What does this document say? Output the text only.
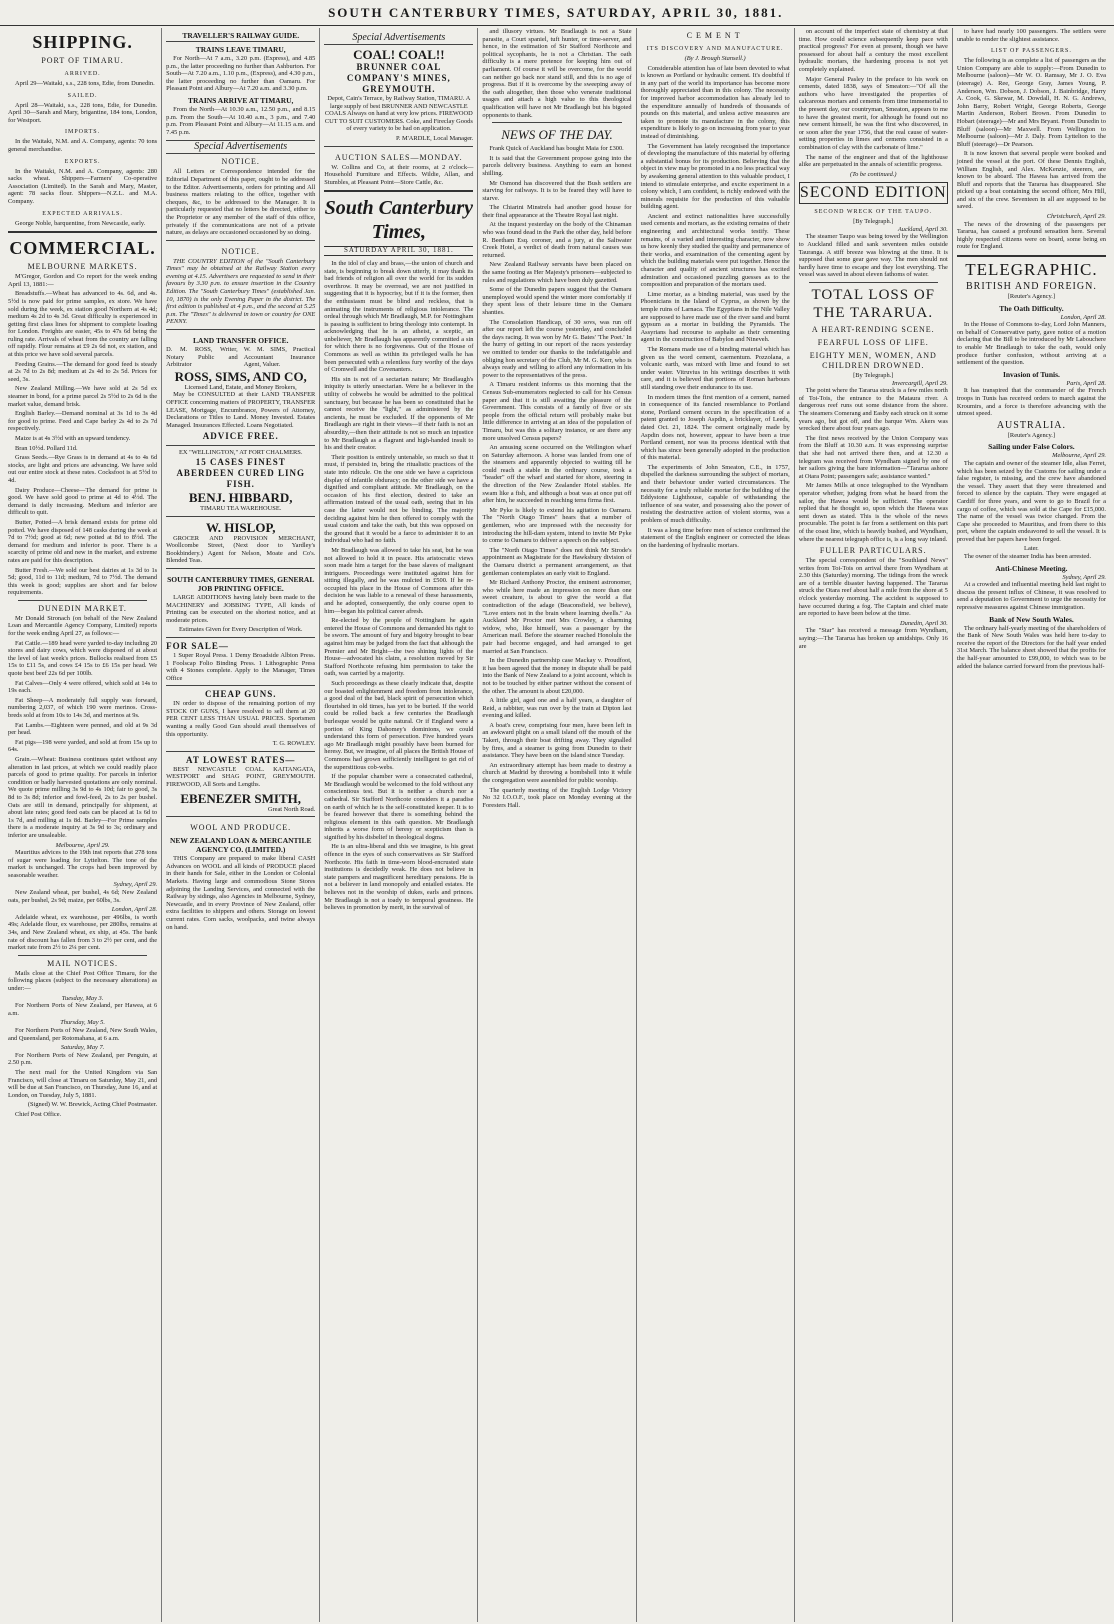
SOUTH CANTERBURY TIMES, SATURDAY, APRIL 30, 1881.
SHIPPING.
PORT OF TIMARU.
ARRIVED.

April 29—Waitaki, s.s., 228 tons, Edie, from Dunedin.

SAILED.

April 28—Waitaki, s.s., 228 tons, Edie, for Dunedin. April 30—Sarah and Mary, brigantine, 184 tons, London, for Westport.

IMPORTS.

In the Waitaki, N.M. and A. Company, agents: 70 tons general merchandise.

EXPORTS.

In the Waitaki, N.M. and A. Company, agents: 280 sacks wheat. Shippers—Farmers' Co-operative Association (Limited). In the Sarah and Mary, Master, agent: 78 sacks flour. Shippers—N.Z.L. and M.A. Company.

EXPECTED ARRIVALS.

George Noble, barquentine, from Newcastle, early.

COMMERCIAL.
MELBOURNE MARKETS.

M'Gregor, Gordon and Co report for the week ending April 13, 1881:—

Breadstuffs.—Wheat has advanced to 4s. 6d, and 4s. 5½d is now paid for prime samples, ex store. We have sold during the week, ex station good Northern at 4s 4d; medium 4s 2d to 4s 3d. Great difficulty is experienced in getting first class lines for shipment to complete loading for London. Freights are easier, 45s to 47s 6d being the ruling rate. Arrivals of wheat from the country are falling off rapidly. Flour remains at £9 2s 6d not, ex station, and at this price we have sold several parcels.

Feeding Grains.—The demand for good feed is steady at 2s 7d to 2s 8d; medium at 2s 4d to 2s 5d. Prices for seed, 3s.

New Zealand Milling.—We have sold at 2s 5d ex steamer in bond, for a prime parcel 2s 5½d to 2s 6d is the market value, demand brisk.

English Barley.—Demand nominal at 3s 1d to 3s 4d for good to prime. Feed and Cape barley 2s 4d to 2s 7d respectively.

Maize is at 4s 3½d with an upward tendency.

Bran 10½d. Pollard 11d.

Grass Seeds.—Rye Grass is in demand at 4s to 4s 6d stocks, are light and prices are advancing. We have sold out our entire stock at these rates. Cocksfoot is at 5½d to 4d.

Dairy Produce—Cheese—The demand for prime is good. We have sold good to prime at 4d to 4½d. The demand is daily increasing. Medium and inferior are difficult to quit.

Butter, Potted—A brisk demand exists for prime old potted. We have disposed of 148 casks during the week at 7d to 7½d; good at 6d; new potted at 8d to 8½d. The demand for medium and inferior is poor. There is a scarcity of prime old and new in the market, and extreme rates are paid for this description.

Butter Fresh.—We sold our best dairies at 1s 3d to 1s 5d; good, 11d to 11d; medium, 7d to 7½d. The demand this week is good; supplies are short and far below requirements.

DUNEDIN MARKET.

Mr Donald Stronach (on behalf of the New Zealand Loan and Mercantile Agency Company, Limited) reports for the week ending April 27, as follows:—

Fat Cattle.—189 head were yarded to-day including 20 stores and dairy cows, which were disposed of at about the level of last week's prices. Bullocks realised from £5 15s to £11 5s, and cows £4 15s to £6 15s per head. We quote best beef 22s 6d per 100lb.

Fat Calves—Only 4 were offered, which sold at 14s to 19s each.

Fat Sheep—A moderately full supply was forward, numbering 2,037, of which 190 were merinos. Cross-breds sold at from 10s to 14s 3d, and merinos at 9s.

Fat Lambs.—Eighteen were penned, and old at 9s 3d per head.

Fat pigs—198 were yarded, and sold at from 15s up to 64s.

Grain.—Wheat: Business continues quiet without any alteration in last prices, at which we could readily place parcels of good to prime quality. For parcels in inferior condition or badly harvested quotations are only nominal. We quote prime milling 3s 9d to 4s 10d; fair to good, 3s 8d to 3s 8d; inferior and fowl-feed, 2s to 2s per bushel. Oats are still in demand, principally for shipment, at about late rates; good feed oats can be placed at 1s 6d to 1s 7d, and milling at 1s 8d. Barley—For Prime samples there is a moderate inquiry at 3s 9d to 3s; ordinary and inferior are unsaleable.

Melbourne, April 29.

Mauritius advices to the 19th inst reports that 278 tons of sugar were loading for Lyttelton. The tone of the market is unchanged. The crops had been improved by seasonable weather.

Sydney, April 29.

New Zealand wheat, per bushel, 4s 6d; New Zealand oats, per bushel, 2s 9d; maize, per 60lbs, 3s.

London, April 28.

Adelaide wheat, ex warehouse, per 496lbs, is worth 49s; Adelaide flour, ex warehouse, per 280lbs, remains at 34s, and New Zealand wheat, ex ship, at 45s. The bank rate of discount has fallen from 3 to 2½ per cent, and the market rate from 2½ to 2¼ per cent.

MAIL NOTICES.

Mails close at the Chief Post Office Timaru, for the following places (subject to the necessary alterations) as under:—

Tuesday, May 3.

For Northern Ports of New Zealand, per Hawea, at 6 a.m.

Thursday, May 5.

For Northern Ports of New Zealand, New South Wales, and Queensland, per Rotomahana, at 6 a.m.

Saturday, May 7.

For Northern Ports of New Zealand, per Penguin, at 2.50 p.m.

The next mail for the United Kingdom via San Francisco, will close at Timaru on Saturday, May 21, and will be due at San Francisco, on Thursday, June 16, and at London, on Tuesday, July 5, 1881.

(Signed) W. W. Brewick, Acting Chief Postmaster.

Chief Post Office.

TRAVELLER'S RAILWAY GUIDE.
TRAINS LEAVE TIMARU,

For North—At 7 a.m., 3.20 p.m. (Express), and 4.85 p.m., the latter proceeding no further than Ashburton. For South—At 7.20 a.m., 1.10 p.m., (Express), and 4.30 p.m., the latter proceeding no further than Oamaru. For Pleasant Point and Albury—At 7.20 a.m. and 3.30 p.m.

TRAINS ARRIVE AT TIMARU,

From the North—At 10.30 a.m., 12.50 p.m., and 8.15 p.m. From the South—At 10.40 a.m., 3 p.m., and 7.40 p.m. From Pleasant Point and Albury—At 11.15 a.m. and 7.45 p.m.

Special Advertisements
NOTICE.

All Letters or Correspondence intended for the Editorial Department of this paper, ought to be addressed to the Editor. Advertisements, orders for printing and All business matters relating to the office, together with cheques, &c, to be addressed to the Manager. It is particularly requested that no letters be directed, either to the Proprietor or any member of the staff of this office, privately if the communications are not of a private nature, as delays are occasioned occasioned by so doing.

NOTICE.

THE COUNTRY EDITION of the "South Canterbury Times" may be obtained at the Railway Station every evening at 4.15. Advertisers are requested to send in their favours by 3.30 p.m. to ensure insertion in the Country Edition. The "South Canterbury Times" (established Jan. 10, 1870) is the only Evening Paper in the district. The first edition is published at 4 p.m., and the second at 5.25 p.m. The "Times" is delivered in town or country for ONE PENNY.

LAND TRANSFER OFFICE.
D. M. ROSS, Writer, Notary Public and Arbitrator
W. M. SIMS, Practical Accountant Insurance Agent, Valuer.
ROSS, SIMS, AND CO,
Licensed Land, Estate, and Money Brokers,

May be CONSULTED at their LAND TRANSFER OFFICE concerning matters of PROPERTY, TRANSFER LEASE, Mortgage, Encumbrance, Powers of Attorney, Declarations or Titles to Land. Money Invested. Estates Managed. Insurances Effected. Loans Negotiated.

ADVICE FREE.
EX "WELLINGTON," AT FORT CHALMERS.
15 CASES FINEST ABERDEEN CURED LING FISH.
BENJ. HIBBARD,
TIMARU TEA WAREHOUSE.
W. HISLOP,

GROCER AND PROVISION MERCHANT, Woollcombe Street, (Next door to Yardley's Bookbindery.) Agent for Nelson, Moate and Co's. Blended Teas.

SOUTH CANTERBURY TIMES, GENERAL JOB PRINTING OFFICE.

LARGE ADDITIONS having lately been made to the MACHINERY and JOBBING TYPE, All kinds of Printing can be executed on the shortest notice, and at moderate prices.

Estimates Given for Every Description of Work.
FOR SALE—

1 Super Royal Press. 1 Demy Broadside Albion Press. 1 Foolscap Folio Binding Press. 1 Lithographic Press with 4 Stones complete. Apply to the Manager, Times Office

CHEAP GUNS.

IN order to dispose of the remaining portion of my STOCK OF GUNS, I have resolved to sell them at 20 PER CENT LESS THAN USUAL PRICES. Sportsmen wanting a really Good Gun should avail themselves of this opportunity.

T. G. ROWLEY.
AT LOWEST RATES—

BEST NEWCASTLE COAL. KAITANGATA, WESTPORT and SHAG POINT, GREYMOUTH. FIREWOOD, All Sorts and Lengths.

EBENEZER SMITH,
Great North Road.
WOOL AND PRODUCE.
NEW ZEALAND LOAN & MERCANTILE AGENCY CO. (LIMITED.)

THIS Company are prepared to make liberal CASH Advances on WOOL and all kinds of PRODUCE placed in their hands for Sale, either in the London or Colonial Markets. Having large and commodious Stone Stores adjoining the Landing Services, and connected with the Railway by sidings, also Agencies in Melbourne, Sydney, Newcastle, and in every Province of New Zealand, offer extra facilities to shippers and others. Storage on lowest current rates. Corn sacks, woolpacks, and twine always on hand.

Special Advertisements
COAL! COAL!!
BRUNNER COAL COMPANY'S MINES, GREYMOUTH.

Depot, Cain's Terrace, by Railway Station, TIMARU. A large supply of best BRUNNER AND NEWCASTLE COALS Always on hand at very low prices. FIREWOOD CUT TO SUIT CUSTOMERS. Coke, and Fireclay Goods of every variety to be had on application.

P. M'ARDLE, Local Manager.
AUCTION SALES—MONDAY.

W. Collins and Co, at their rooms, at 2 o'clock—Household Furniture and Effects. Wildie, Allan, and Stumbles, at Pleasant Point—Store Cattle, &c.

South Canterbury Times,
SATURDAY APRIL 30, 1881.

In the idol of clay and brass,—the union of church and state, is beginning to break down utterly, it may thank its bad friends of religion all over the world for its sudden overthrow. It may be overread, we are not justified in suggesting that it is hypocrisy, but if it is the former, then the enthusiasm must be blind and reckless, that is animating the instruments of religious intolerance. The ordeal through which Mr Bradlaugh, M.P. for Nottingham is passing is sufficient to bring theology into contempt. In acknowledging that he is an atheist, a sceptic, an unbeliever, Mr Bradlaugh has apparently committed a sin for which there is no forgiveness. Out of the House of Commons as well as within its privileged walls he has been persecuted with a relentless fury worthy of the days of Cromwell and the Covenanters.

His sin is not of a sectarian nature; Mr Bradlaugh's iniquity is utterly unsectarian. Were he a believer in the utility of cobwebs he would be admitted to the political sanctuary, but because he has been so constituted that he cannot receive the "light," as administered by the ancients, he must be excluded. If the opponents of Mr Bradlaugh are right in their views—if their faith is not an absurdity,—then their attitude is not so much an injustice to Mr Bradlaugh as a flagrant and high-handed insult to his and their creator.

Their position is entirely untenable, so much so that it must, if persisted in, bring the ritualistic practices of the state into ridicule. On the one side we have a capricious display of infantile obduracy; on the other side we have a dignified and compliant attitude. Mr Bradlaugh, on the occasion of his first election, desired to take an affirmation instead of the usual oath, seeing that in his case the latter would not be binding. The majority deciding against him he then offered to comply with the usual custom and take the oath, but this was opposed on the ground that it would be a farce to administer it to an individual who had no faith.

Mr Bradlaugh was allowed to take his seat, but he was not allowed to hold it in peace. His aristocratic views soon made him a target for the base slaves of malignant intriguers. Proceedings were instituted against him for sitting illegally, and he was mulcted in £500. If he re-occupied his place in the House of Commons after this decision he was liable to a renewal of these harassments, and he adopted, consequently, the only course open to him—began his political career afresh.

Re-elected by the people of Nottingham he again entered the House of Commons and demanded his right to be sworn. The amount of fury and bigotry brought to bear against him may be judged from the fact that although the Premier and Mr Bright—the two shining lights of the House—advocated his claim, a resolution moved by Sir Stafford Northcote refusing him permission to take the oath, was carried by a majority.

Such proceedings as these clearly indicate that, despite our boasted enlightenment and freedom from intolerance, a good deal of the bad, black spirit of persecution which flourished in old times, has yet to be buried. If the world could be rolled back a few centuries the Bradlaugh burlesque would be quite natural. Or if England were a portion of King Dahomey's dominions, we could understand this form of persecution. Five hundred years ago Mr Bradlaugh might possibly have been burned for heresy. But, we imagine, of all places the British House of Commons had grown sufficiently intelligent to get rid of the superstitious cob-webs.

If the popular chamber were a consecrated cathedral, Mr Bradlaugh would be welcomed to the fold without any conscientious test. But it is neither a church nor a cathedral. Sir Stafford Northcote considers it a paradise on earth of which he is the self-constituted keeper. It is to be feared however that there is something behind the religious element in this oath question. Mr Bradlaugh inherits a worse form of heresy or scepticism than is signified by his disbelief in theological dogma.

He is an ultra-liberal and this we imagine, is his great offence in the eyes of such conservatives as Sir Stafford Northcote. His faith in time-worn blood-encrusted state institutions is decidedly weak. He does not believe in state pampers and magnificent hereditary pensions. He is not a believer in land monopoly and entailed estates. He believes not in the worship of dukes, earls and princes. Mr Bradlaugh is not a toady to temporal greatness. He believes in promotion by merit, in the survival of

and illusory virtues. Mr Bradlaugh is not a State parasite, a Court spaniel, tuft hunter, or time-server, and hence, in the estimation of Sir Stafford Northcote and political sycophants, he is not a Christian. The oath difficulty is a mere pretence for keeping him out of parliament. Of course it will be overcome, for the world can neither go back nor stand still, and this is no age of progress. But if it is overcome by the sweeping away of the oath altogether, then those who venerate traditional usages and attach a high value to this theological qualification will have not Mr Bradlaugh but his bigoted opponents to thank.

NEWS OF THE DAY.

Frank Quick of Auckland has bought Maia for £300.

It is said that the Government propose going into the parcels delivery business. Anything to earn an honest shilling.

Mr Osmond has discovered that the Bush settlers are starving for railways. It is to be feared they will have to starve.

The Chiarini Minstrels had another good house for their final appearance at the Theatre Royal last night.

At the inquest yesterday on the body of the Chinaman who was found dead in the Park the other day, held before R. Beetham Esq. coroner, and a jury, at the Saltwater Creek Hotel, a verdict of death from natural causes was returned.

New Zealand Railway servants have been placed on the same footing as Her Majesty's prisoners—subjected to rules and regulations which have been duly gazetted.

Some of the Dunedin papers suggest that the Oamaru unemployed would spend the winter more comfortably if they spent less of their leisure time in the Oamaru shanties.

The Consolation Handicap, of 30 sovs, was run off after our report left the course yesterday, and concluded the days racing. It was won by Mr G. Bates' 'The Poet.' In the hurry of getting in our report of the races yesterday we omitted to tender our thanks to the indefatigable and obliging hon secretary of the Club, Mr M. G. Kerr, who is always ready and willing to afford any information in his power to the representatives of the press.

A Timaru resident informs us this morning that the Census Sub-enumerators neglected to call for his Census paper and that it is still awaiting the pleasure of the Government. This consists of a family of five or six people from the official return will probably make but little difference in arriving at an idea of the population of Timaru, but was this a solitary instance, or are there any more unsolved Census papers?

An amusing scene occurred on the Wellington wharf on Saturday afternoon. A horse was landed from one of the steamers and apparently objected to waiting till he could reach a stable in the ordinary course, took a "header" off the wharf and started for shore, steering in the direction of the New Zealander Hotel stables. He swam like a fish, and although a boat was at once put off after him, he succeeded in reaching terra firma first.

Mr Pyke is likely to extend his agitation to Oamaru. The "North Otago Times" hears that a number of gentlemen, who are impressed with the necessity for introducing the hill-dam system, intend to invite Mr Pyke to come to Oamaru to deliver a speech on the subject.

The "North Otago Times" does not think Mr Strode's appointment as Magistrate for the Hawksbury division of the Oamaru district a permanent arrangement, as that gentleman contemplates an early visit to England.

Mr Richard Anthony Proctor, the eminent astronomer, who while here made an impression on more than one sweet creature, is about to give the world a flat contradiction of the adage (Beaconsfield, we believe), "Love enters not in the brain where learning dwells." As Auckland Mr Proctor met Mrs Crowley, a charming widow, who, like himself, was a passenger by the American mail. Before the steamer reached Honolulu the pair had become engaged, and had arranged to get married at San Francisco.

In the Dunedin partnership case Mackay v. Proudfoot, it has been agreed that the money in dispute shall be paid into the Bank of New Zealand to a joint account, which is not to be touched by either partner without the consent of the other. The amount is about £20,000.

A little girl, aged one and a half years, a daughter of Reid, a rabbiter, was run over by the train at Dipton last evening and killed.

A boat's crew, comprising four men, have been left in an awkward plight on a small island off the mouth of the Takeri, through their boat drifting away. They signalled by fires, and a steamer is going from Dunedin to their assistance. They have been on the island since Tuesday.

An extraordinary attempt has been made to destroy a church at Madrid by throwing a bombshell into it while the congregation were assembled for public worship.

The quarterly meeting of the English Lodge Victory No 32 I.O.O.F., took place on Monday evening at the Foresters Hall.

CEMENT
ITS DISCOVERY AND MANUFACTURE.
(By J. Brough Stansell.)

Considerable attention has of late been devoted to what is known as Portland or hydraulic cement. It's doubtful if in any part of the world its importance has become more thoroughly appreciated than in this colony. The necessity for improved harbor accommodation has already led to the expenditure annually of hundreds of thousands of pounds on this material, and unless active measures are taken to promote its manufacture in the colony, this expenditure is likely to go on increasing from year to year instead of diminishing.

The Government has lately recognised the importance of developing the manufacture of this material by offering a substantial bonus for its production. Believing that the object in view may be promoted in a no less practical way by awakening general attention to this valuable product, I intend to stimulate enterprise, and excite experiment in a colony which, I am confident, is richly endowed with the minerals requisite for the production of this valuable building agent.

Ancient and extinct nationalities have successfully used cements and mortars, as the existing remains of their engineering and architectural works testify. These remains, of a varied and interesting character, now show us how keenly they studied the quality and permanence of their works, and examination of the cementing agent by which the building materials were put together. Hence the character and quality of ancient structures has excited admiration and occasioned puzzling guesses as to the composition and preparation of the mortars used.

Lime mortar, as a binding material, was used by the Phoenicians in the Island of Cyprus, as shown by the temple ruins of Larnaca. The Egyptians in the Nile Valley are supposed to have made use of the river sand and burnt gypsum as a mortar in building the Pyramids. The Assyrians had recourse to asphalte as their cementing agent in the construction of Babylon and Nineveh.

The Romans made use of a binding material which has given us the word cement, caementum. Pozzolana, a volcanic earth, was mixed with lime and found to set under water. Vitruvius in his writings describes it with care, and it is believed that portions of Roman harbours still standing owe their endurance to its use.

In modern times the first mention of a cement, named in consequence of its fancied resemblance to Portland stone, Portland cement occurs in the specification of a patent granted to Joseph Aspdin, a bricklayer, of Leeds, dated Oct. 21, 1824. The cement originally made by Aspdin does not, however, appear to have been a true Portland cement, nor was its process identical with that which has since been generally adopted in the production of this material.

The experiments of John Smeaton, C.E., in 1757, dispelled the darkness surrounding the subject of mortars, and their behaviour under varied circumstances. The necessity for a truly reliable mortar for the building of the Eddystone Lighthouse, capable of withstanding the influence of sea water, and possessing also the power of resisting the destructive action of violent storms, was a problem of much difficulty.

It was a long time before men of science confirmed the statement of the English engineer or corrected the ideas on the hardening of hydraulic mortars.

on account of the imperfect state of chemistry at that time. How could science subsequently keep pace with practical progress? For even at present, though we have possessed for about half a century the most excellent hydraulic mortars, the hardening process is not yet completely explained.

Major General Pasley in the preface to his work on cements, dated 1838, says of Smeaton:—"Of all the authors who have investigated the properties of calcareous mortars and cements from time immemorial to the present day, our countryman, Smeaton, appears to me to have the greatest merit, for although he found out no new cement himself, he was the first who discovered, in or soon after the year 1756, that the real cause of water-setting properties in limes and cements consisted in a combination of clay with the carbonate of lime."

The name of the engineer and that of the lighthouse alike are perpetuated in the annals of scientific progress.

(To be continued.)
SECOND EDITION
SECOND WRECK OF THE TAUPO.
[By Telegraph.]
Auckland, April 30.

The steamer Taupo was being towed by the Wellington to Auckland filled and sank seventeen miles outside Tauranga. A stiff breeze was blowing at the time. It is supposed that some gear gave way. The men should not hardly have time to escape and they lost everything. The vessel was saved in about eleven fathoms of water.

TOTAL LOSS OF THE TARARUA.
A HEART-RENDING SCENE.
FEARFUL LOSS OF LIFE.
EIGHTY MEN, WOMEN, AND CHILDREN DROWNED.
[By Telegraph.]
Invercargill, April 29.

The point where the Tararua struck is a few miles north of Toi-Tois, the entrance to the Mataura river. A dangerous reef runs out some distance from the shore. The steamers Comerang and Easby each struck on it some years ago, but got off, and the barque Wm. Akers was wrecked there about four years ago.

The first news received by the Union Company was from the Bluff at 10.30 a.m. It was expressing surprise that she had not arrived there then, and at 12.30 a telegram was received from Wyndham signed by one of her sailors giving the bare information—"Tararua ashore at Otara Point; passengers safe; assistance wanted."

Mr James Mills at once telegraphed to the Wyndham operator whether, judging from what he heard from the sailor, the Hawea would be sufficient. The operator replied that he thought so, upon which the Hawea was sent down as stated. This is the whole of the news procurable. The point is far from a settlement on this part of the coast line, which is heavily bushed, and Wyndham, where the nearest telegraph office is, is a long way inland.

FULLER PARTICULARS.

The special correspondent of the "Southland News" writes from Toi-Tois on arrival there from Wyndham at 2.30 this (Saturday) morning. The tidings from the wreck are of a terrible disaster having happened. The Tararua struck the Otara reef about half a mile from the shore at 5 o'clock yesterday morning. The accident is supposed to have occurred during a fog. The Captain and chief mate are reported to have been below at the time.

Dunedin, April 30.

The "Star" has received a message from Wyndham, saying:—The Tararua has broken up amidships. Only 16 are

to have had nearly 100 passengers. The settlers were unable to render the slightest assistance.

LIST OF PASSENGERS.

The following is as complete a list of passengers as the Union Company are able to supply:—From Dunedin to Melbourne (saloon)—Mr W. O. Ramsay, Mr J. O. Eva (steerage) A. Ree, George Gray, James Young, P. Anderson, Wm. Dobson, J. Dobson, J. Bainbridge, Harry A. Cook, G. Skewar, M. Dowdall, H. N. G. Andrews, John Barry, Robert Wright, George Roberts, George Martin Anderson, Robert Brown. From Dunedin to Hobart (steerage)—Mr and Mrs Bryant. From Dunedin to Bluff (saloon)—Mr Maxwell. From Wellington to Melbourne (saloon)—Mr J. Daly. From Lyttelton to the Bluff (steerage)—Dr Pearson.

It is now known that several people were booked and joined the vessel at the port. Of these Dennis English, William English, and Alex. McKenzie, steerers, are known to be aboard. The Hawea has arrived from the Bluff and reports that the Tararua has disappeared. She picked up a boat containing the second officer, Mrs Hill, and six of the crew. Seventeen in all are supposed to be saved.

Christchurch, April 29.

The news of the drowning of the passengers per Tararua, has caused a profound sensation here. Several highly respected citizens were on board, some being en route for England.

TELEGRAPHIC.
BRITISH AND FOREIGN.
[Reuter's Agency.]
The Oath Difficulty.
London, April 28.

In the House of Commons to-day, Lord John Manners, on behalf of Conservative party, gave notice of a motion declaring that the Bill to be introduced by Mr Labouchere to enable Mr Bradlaugh to take the oath, would only produce further confusion, without arriving at a settlement of the question.

Invasion of Tunis.
Paris, April 28.

It has transpired that the commander of the French troops in Tunis has received orders to march against the Kroumirs, and a force is therefore advancing with the utmost speed.

AUSTRALIA.
[Reuter's Agency.]
Sailing under False Colors.
Melbourne, April 29.

The captain and owner of the steamer Idle, alias Ferret, which has been seized by the Customs for sailing under a false register, is missing, and the crew have abandoned the vessel. They assert that they were threatened and forced to silence by the captain. They were engaged at Cardiff for three years, and were to go to Brazil for a cargo of coffee, which was sold at the Cape for £15,000. The name of the vessel was twice changed. From the Cape she proceeded to Mauritius, and from there to this port, where the captain endeavored to sell the vessel. It is proved that her papers have been forged.

Later.

The owner of the steamer India has been arrested.

Anti-Chinese Meeting.
Sydney, April 29.

At a crowded and influential meeting held last night to discuss the present influx of Chinese, it was resolved to send a deputation to Government to urge the necessity for repressive measures against Chinese immigration.

Bank of New South Wales.

The ordinary half-yearly meeting of the shareholders of the Bank of New South Wales was held here to-day to receive the report of the Directors for the half year ended 31st March. The balance sheet showed that the profits for the half-year amounted to £99,000, to which was to be added the balance carried forward from the previous half-
